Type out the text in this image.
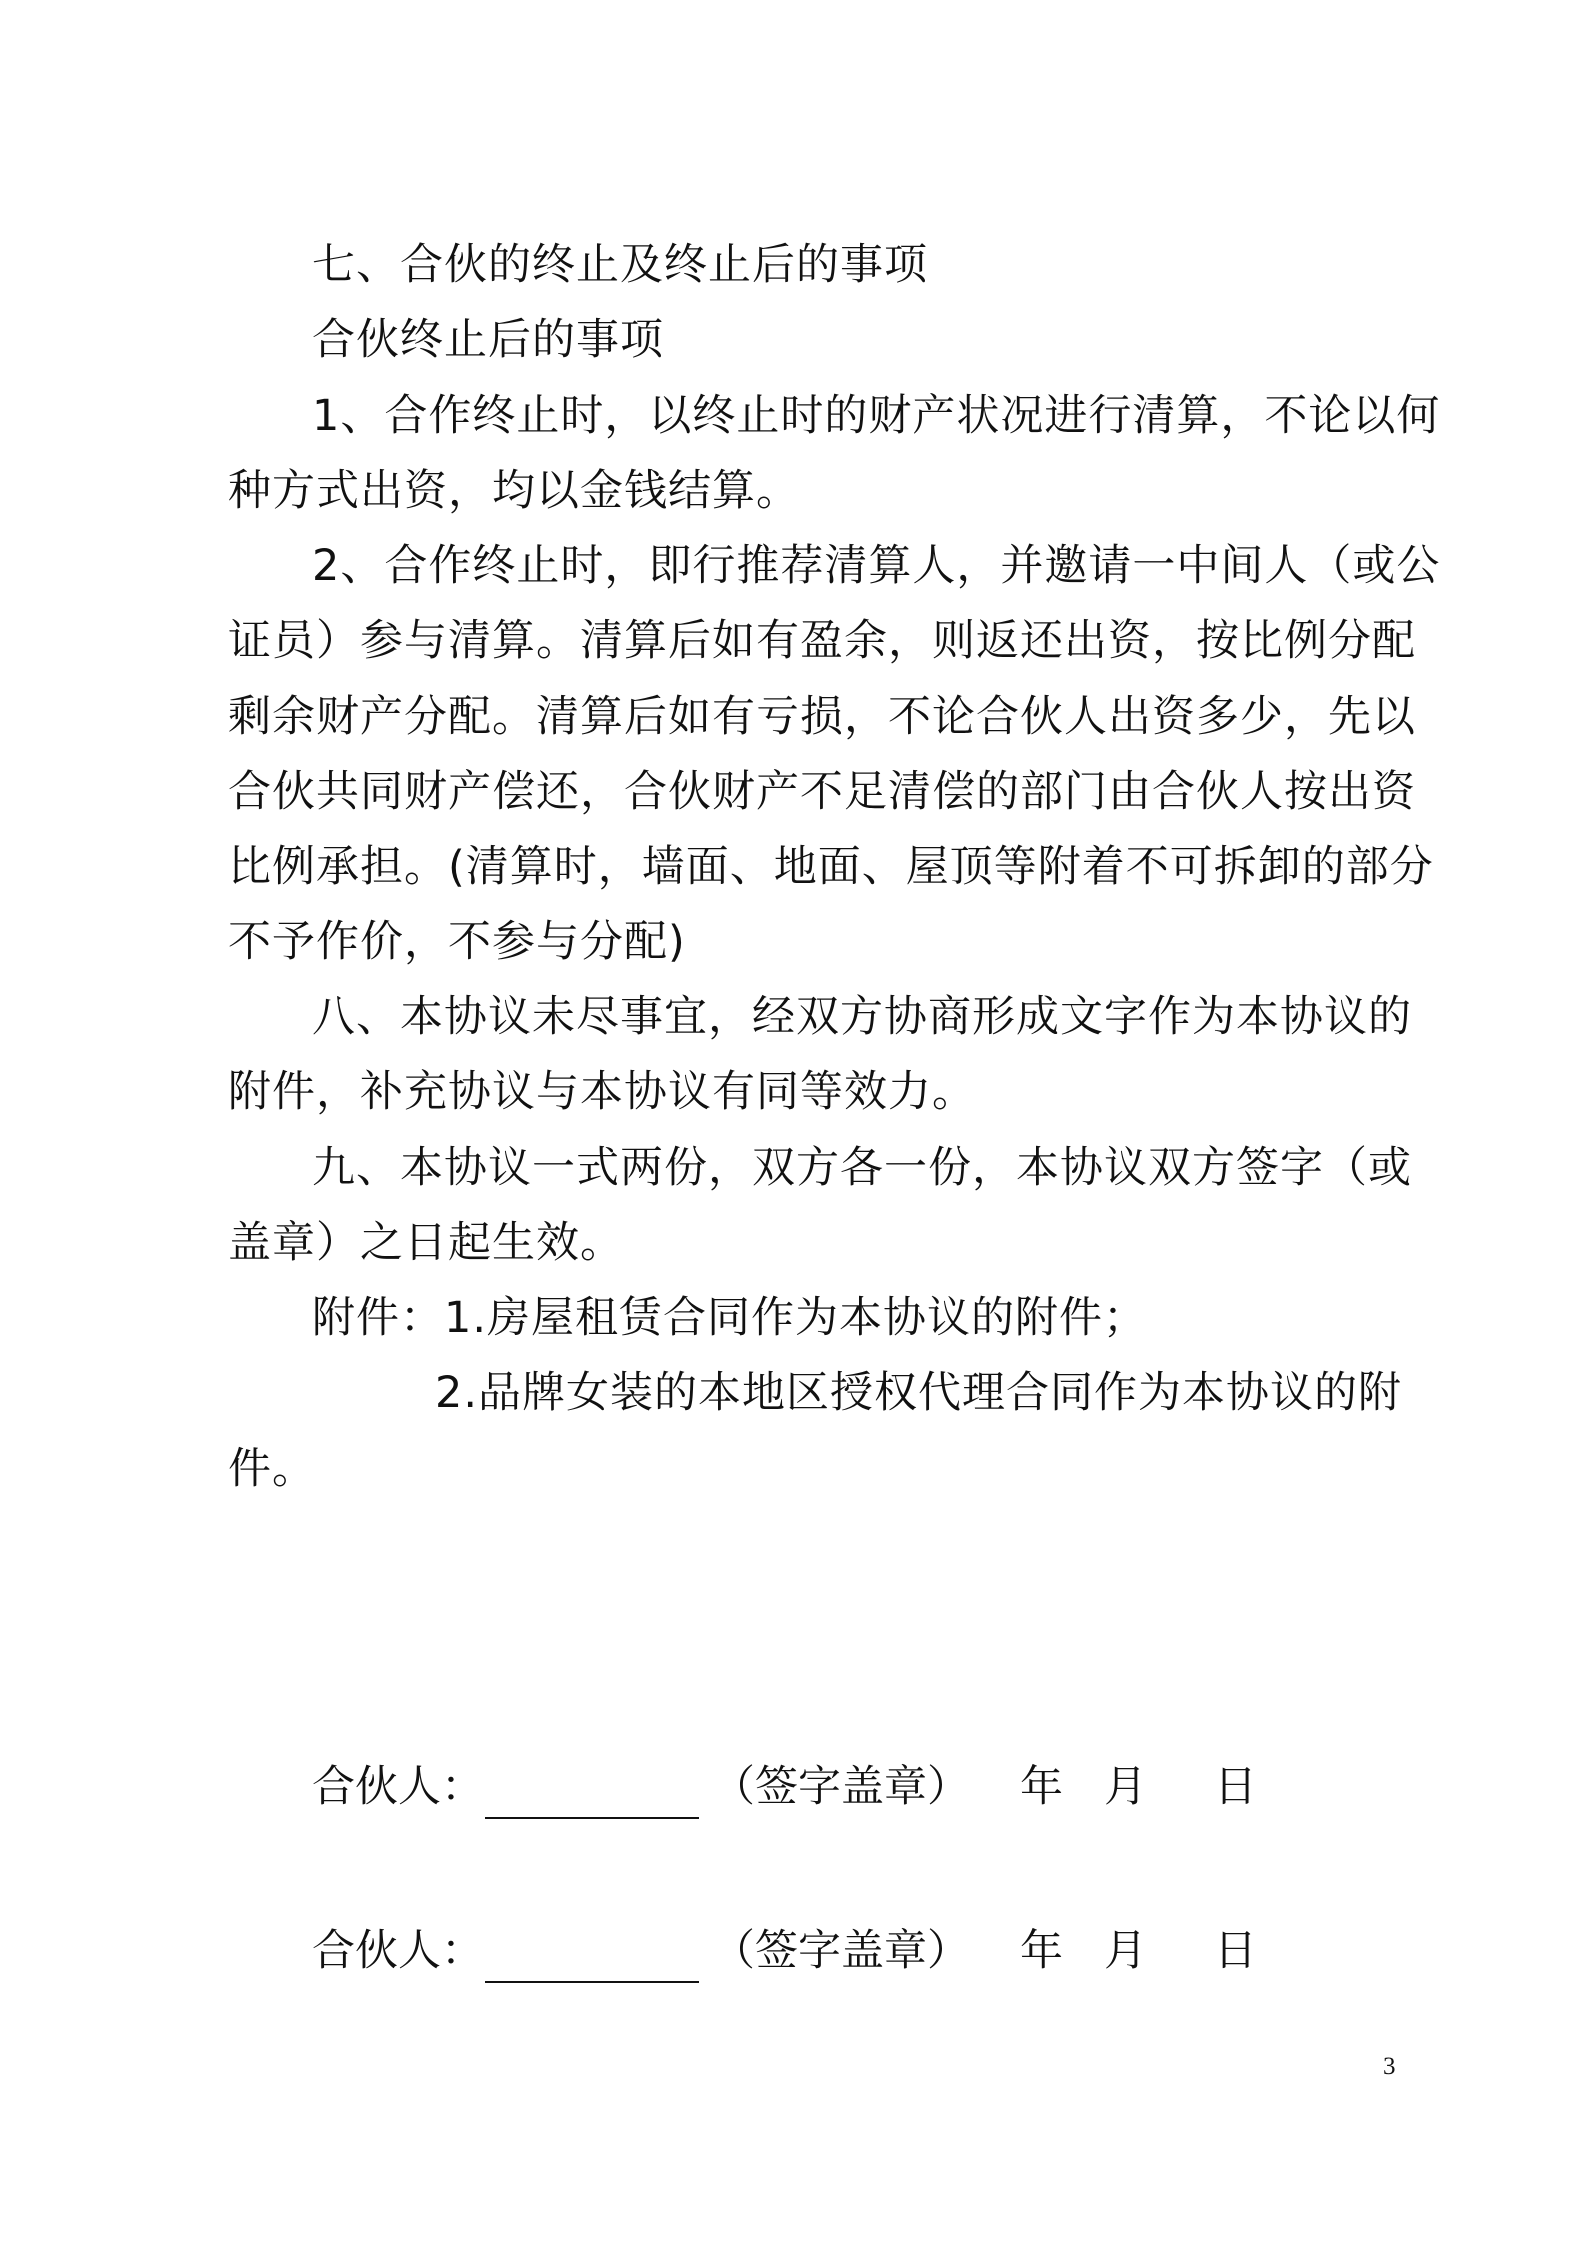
七、合伙的终止及终止后的事项
合伙终止后的事项
1、合作终止时，以终止时的财产状况进行清算，不论以何
种方式出资，均以金钱结算。
2、合作终止时，即行推荐清算人，并邀请一中间人（或公
证员）参与清算。清算后如有盈余，则返还出资，按比例分配
剩余财产分配。清算后如有亏损，不论合伙人出资多少，先以
合伙共同财产偿还，合伙财产不足清偿的部门由合伙人按出资
比例承担。(清算时，墙面、地面、屋顶等附着不可拆卸的部分
不予作价，不参与分配)
八、本协议未尽事宜，经双方协商形成文字作为本协议的
附件，补充协议与本协议有同等效力。
九、本协议一式两份，双方各一份，本协议双方签字（或
盖章）之日起生效。
附件：1.房屋租赁合同作为本协议的附件；
2.品牌女装的本地区授权代理合同作为本协议的附
件。
合伙人：	（签字盖章） 年 月 日
合伙人：	（签字盖章） 年 月 日
3
